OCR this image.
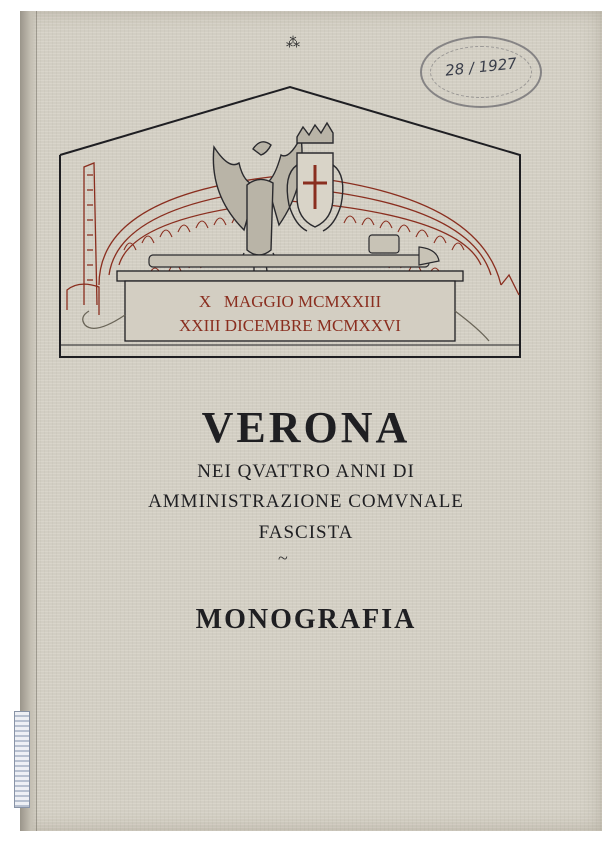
⁂
28 / 1927
X   MAGGIO MCMXXIII
XXIII DICEMBRE MCMXXVI
VERONA
NEI QVATTRO ANNI DI
AMMINISTRAZIONE COMVNALE
FASCISTA
~
MONOGRAFIA
